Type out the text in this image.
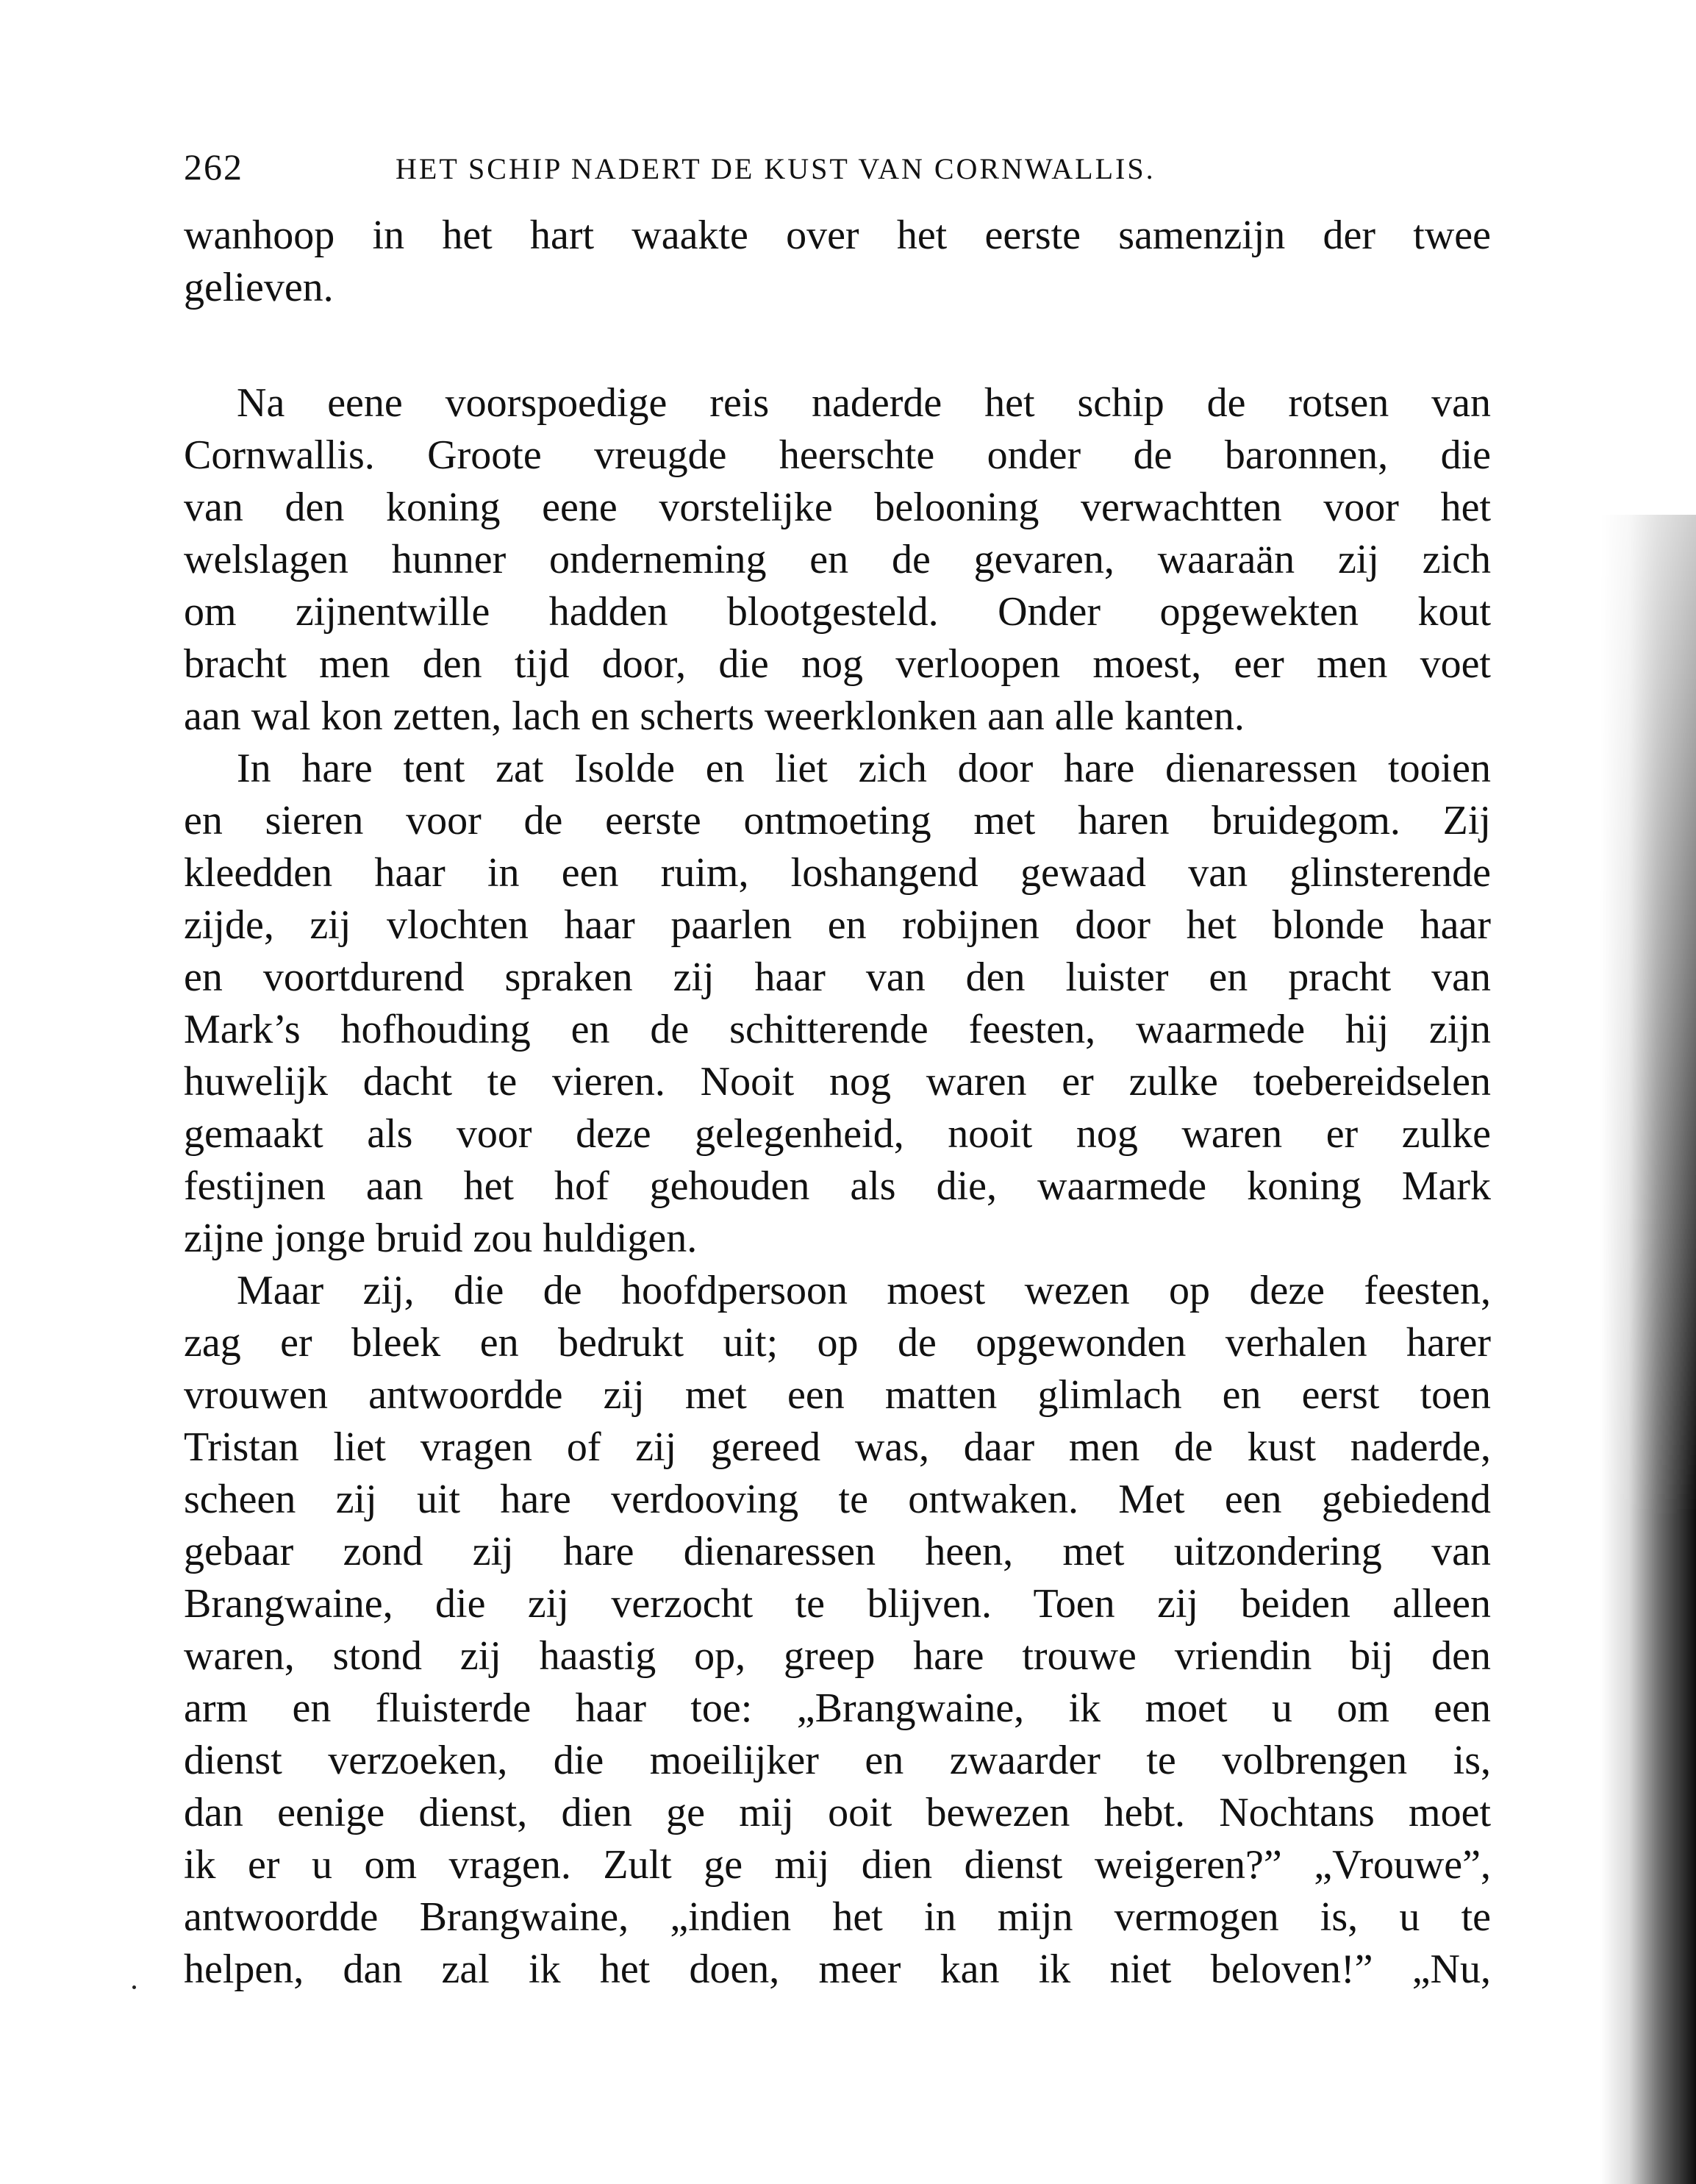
262	HET SCHIP NADERT DE KUST VAN CORNWALLIS.
wanhoop in het hart waakte over het eerste samenzijn der twee
gelieven.
Na eene voorspoedige reis naderde het schip de rotsen van
Cornwallis. Groote vreugde heerschte onder de baronnen, die
van den koning eene vorstelijke belooning verwachtten voor het
welslagen hunner onderneming en de gevaren, waaraän zij zich
om zijnentwille hadden blootgesteld. Onder opgewekten kout
bracht men den tijd door, die nog verloopen moest, eer men voet
aan wal kon zetten, lach en scherts weerklonken aan alle kanten.
In hare tent zat Isolde en liet zich door hare dienaressen tooien
en sieren voor de eerste ontmoeting met haren bruidegom. Zij
kleedden haar in een ruim, loshangend gewaad van glinsterende
zijde, zij vlochten haar paarlen en robijnen door het blonde haar
en voortdurend spraken zij haar van den luister en pracht van
Mark’s hofhouding en de schitterende feesten, waarmede hij zijn
huwelijk dacht te vieren. Nooit nog waren er zulke toebereidselen
gemaakt als voor deze gelegenheid, nooit nog waren er zulke
festijnen aan het hof gehouden als die, waarmede koning Mark
zijne jonge bruid zou huldigen.
Maar zij, die de hoofdpersoon moest wezen op deze feesten,
zag er bleek en bedrukt uit; op de opgewonden verhalen harer
vrouwen antwoordde zij met een matten glimlach en eerst toen
Tristan liet vragen of zij gereed was, daar men de kust naderde,
scheen zij uit hare verdooving te ontwaken. Met een gebiedend
gebaar zond zij hare dienaressen heen, met uitzondering van
Brangwaine, die zij verzocht te blijven. Toen zij beiden alleen
waren, stond zij haastig op, greep hare trouwe vriendin bij den
arm en fluisterde haar toe: „Brangwaine, ik moet u om een
dienst verzoeken, die moeilijker en zwaarder te volbrengen is,
dan eenige dienst, dien ge mij ooit bewezen hebt. Nochtans moet
ik er u om vragen. Zult ge mij dien dienst weigeren?” „Vrouwe”,
antwoordde Brangwaine, „indien het in mijn vermogen is, u te
helpen, dan zal ik het doen, meer kan ik niet beloven!” „Nu,
